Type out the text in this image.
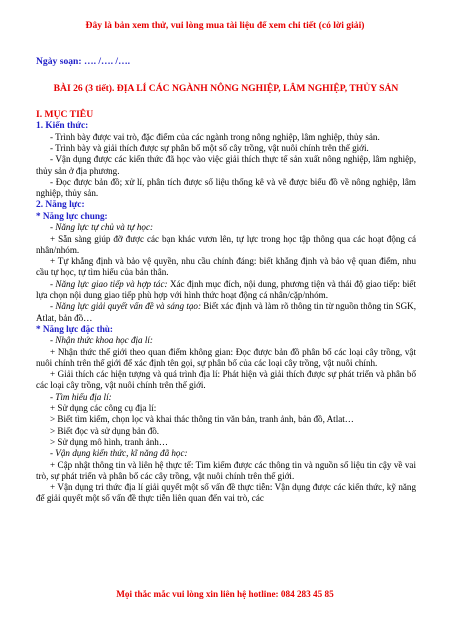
Đây là bản xem thử, vui lòng mua tài liệu để xem chi tiết (có lời giải)

Ngày soạn: …. /…. /….

BÀI 26 (3 tiết). ĐỊA LÍ CÁC NGÀNH NÔNG NGHIỆP, LÂM NGHIỆP, THỦY SẢN

I. MỤC TIÊU

1. Kiến thức:

- Trình bày được vai trò, đặc điểm của các ngành trong nông nghiệp, lâm nghiệp, thủy sản.

- Trình bày và giải thích được sự phân bố một số cây trồng, vật nuôi chính trên thế giới.

- Vận dụng được các kiến thức đã học vào việc giải thích thực tế sản xuất nông nghiệp, lâm nghiệp, thủy sản ở địa phương.

- Đọc được bản đồ; xử lí, phân tích được số liệu thống kê và vẽ được biểu đồ về nông nghiệp, lâm nghiệp, thủy sản.

2. Năng lực:

* Năng lực chung:

- Năng lực tự chủ và tự học:

+ Sẵn sàng giúp đỡ được các bạn khác vươn lên, tự lực trong học tập thông qua các hoạt động cá nhân/nhóm.

+ Tự khẳng định và bảo vệ quyền, nhu cầu chính đáng: biết khẳng định và bảo vệ quan điểm, nhu cầu tự học, tự tìm hiểu của bản thân.

- Năng lực giao tiếp và hợp tác: Xác định mục đích, nội dung, phương tiện và thái độ giao tiếp: biết lựa chọn nội dung giao tiếp phù hợp với hình thức hoạt động cá nhân/cặp/nhóm.

- Năng lực giải quyết vấn đề và sáng tạo: Biết xác định và làm rõ thông tin từ nguồn thông tin SGK, Atlat, bản đồ…

* Năng lực đặc thù:

- Nhận thức khoa học địa lí:

+ Nhận thức thế giới theo quan điểm không gian: Đọc được bản đồ phân bố các loại cây trồng, vật nuôi chính trên thế giới để xác định tên gọi, sự phân bố của các loại cây trồng, vật nuôi chính.

+ Giải thích các hiện tượng và quá trình địa lí: Phát hiện và giải thích được sự phát triển và phân bố các loại cây trồng, vật nuôi chính trên thế giới.

- Tìm hiểu địa lí:

+ Sử dụng các công cụ địa lí:

> Biết tìm kiếm, chọn lọc và khai thác thông tin văn bản, tranh ảnh, bản đồ, Atlat…

> Biết đọc và sử dụng bản đồ.

> Sử dụng mô hình, tranh ảnh…

- Vận dụng kiến thức, kĩ năng đã học:

+ Cập nhật thông tin và liên hệ thực tế: Tìm kiếm được các thông tin và nguồn số liệu tin cậy về vai trò, sự phát triển và phân bố các cây trồng, vật nuôi chính trên thế giới.

+ Vận dụng tri thức địa lí giải quyết một số vấn đề thực tiễn: Vận dụng được các kiến thức, kỹ năng để giải quyết một số vấn đề thực tiễn liên quan đến vai trò, các

Mọi thắc mắc vui lòng xin liên hệ hotline: 084 283 45 85
